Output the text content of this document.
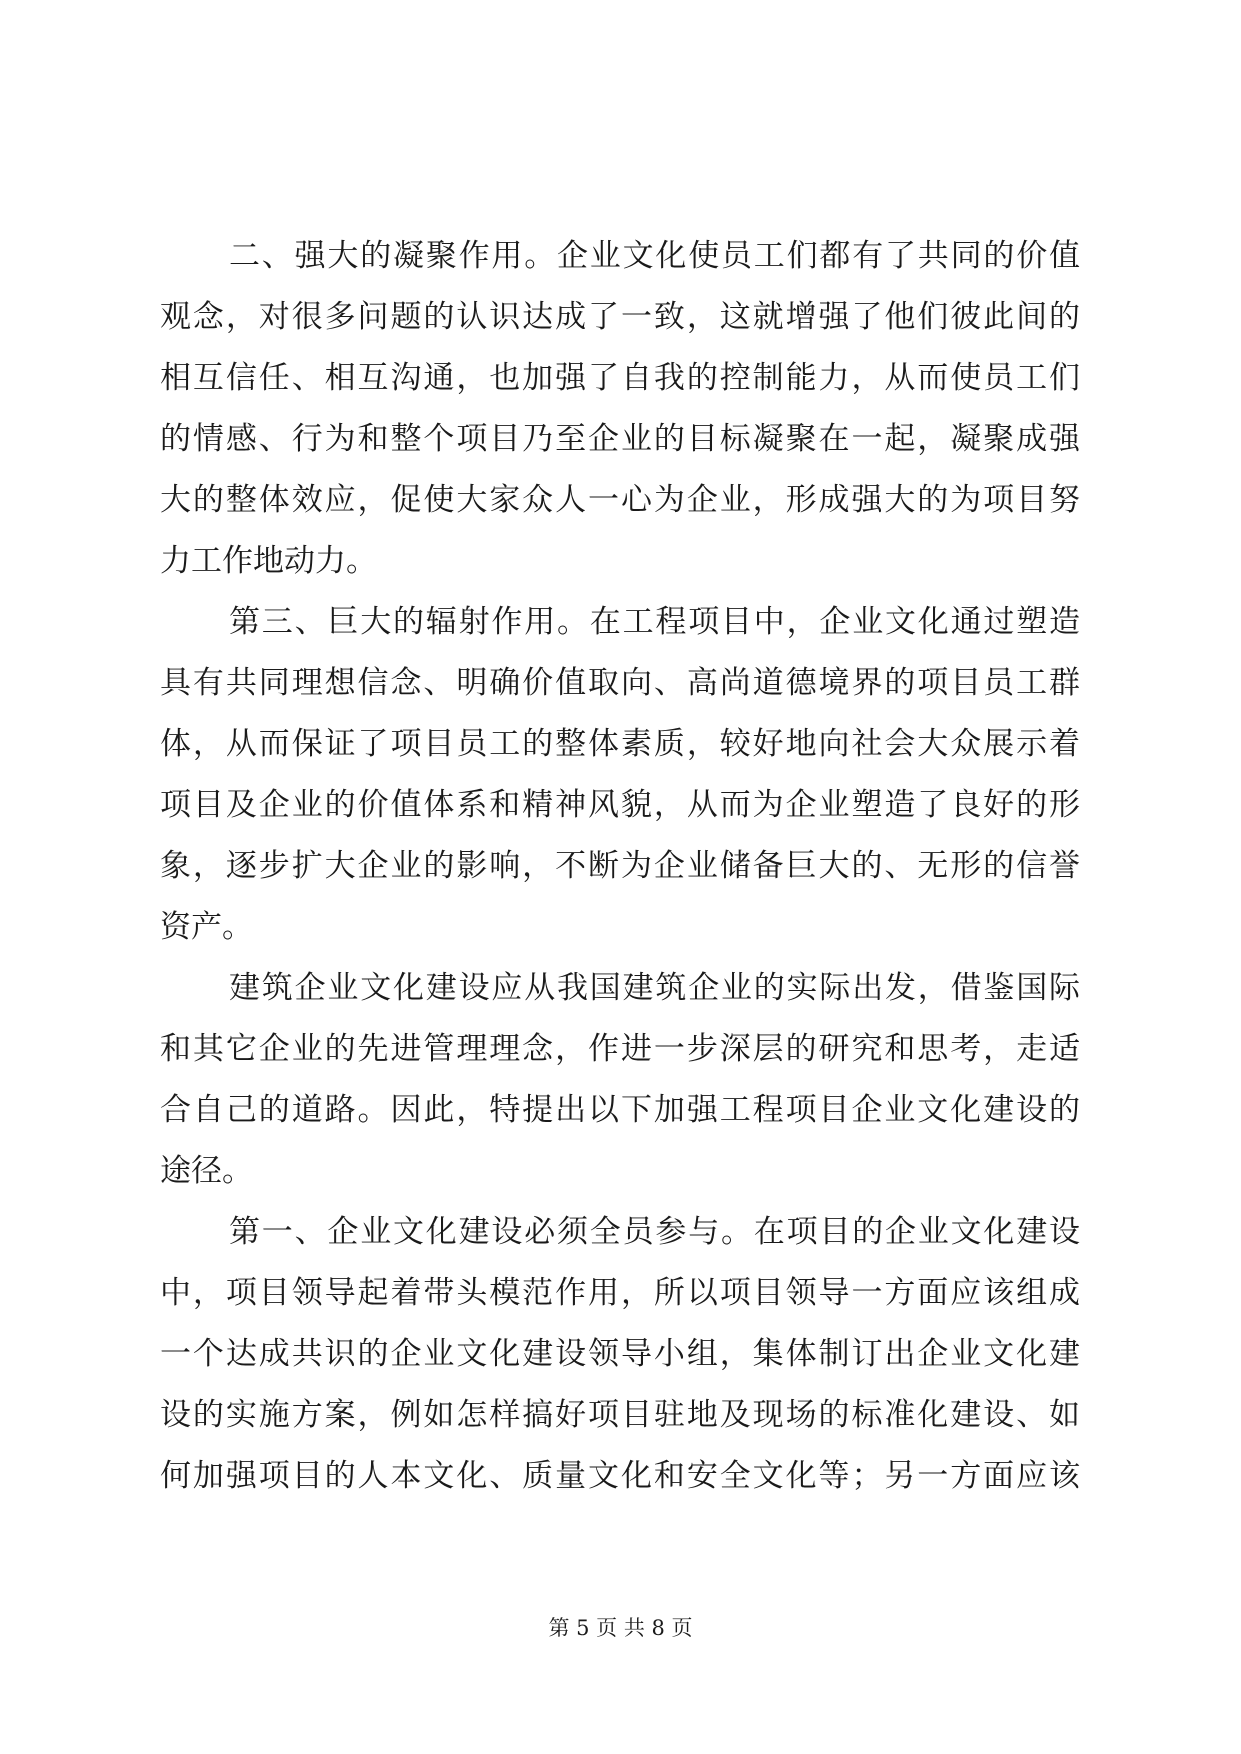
二、强大的凝聚作用。企业文化使员工们都有了共同的价值
观念，对很多问题的认识达成了一致，这就增强了他们彼此间的
相互信任、相互沟通，也加强了自我的控制能力，从而使员工们
的情感、行为和整个项目乃至企业的目标凝聚在一起，凝聚成强
大的整体效应，促使大家众人一心为企业，形成强大的为项目努
力工作地动力。
第三、巨大的辐射作用。在工程项目中，企业文化通过塑造
具有共同理想信念、明确价值取向、高尚道德境界的项目员工群
体，从而保证了项目员工的整体素质，较好地向社会大众展示着
项目及企业的价值体系和精神风貌，从而为企业塑造了良好的形
象，逐步扩大企业的影响，不断为企业储备巨大的、无形的信誉
资产。
建筑企业文化建设应从我国建筑企业的实际出发，借鉴国际
和其它企业的先进管理理念，作进一步深层的研究和思考，走适
合自己的道路。因此，特提出以下加强工程项目企业文化建设的
途径。
第一、企业文化建设必须全员参与。在项目的企业文化建设
中，项目领导起着带头模范作用，所以项目领导一方面应该组成
一个达成共识的企业文化建设领导小组，集体制订出企业文化建
设的实施方案，例如怎样搞好项目驻地及现场的标准化建设、如
何加强项目的人本文化、质量文化和安全文化等；另一方面应该
第 5 页 共 8 页
